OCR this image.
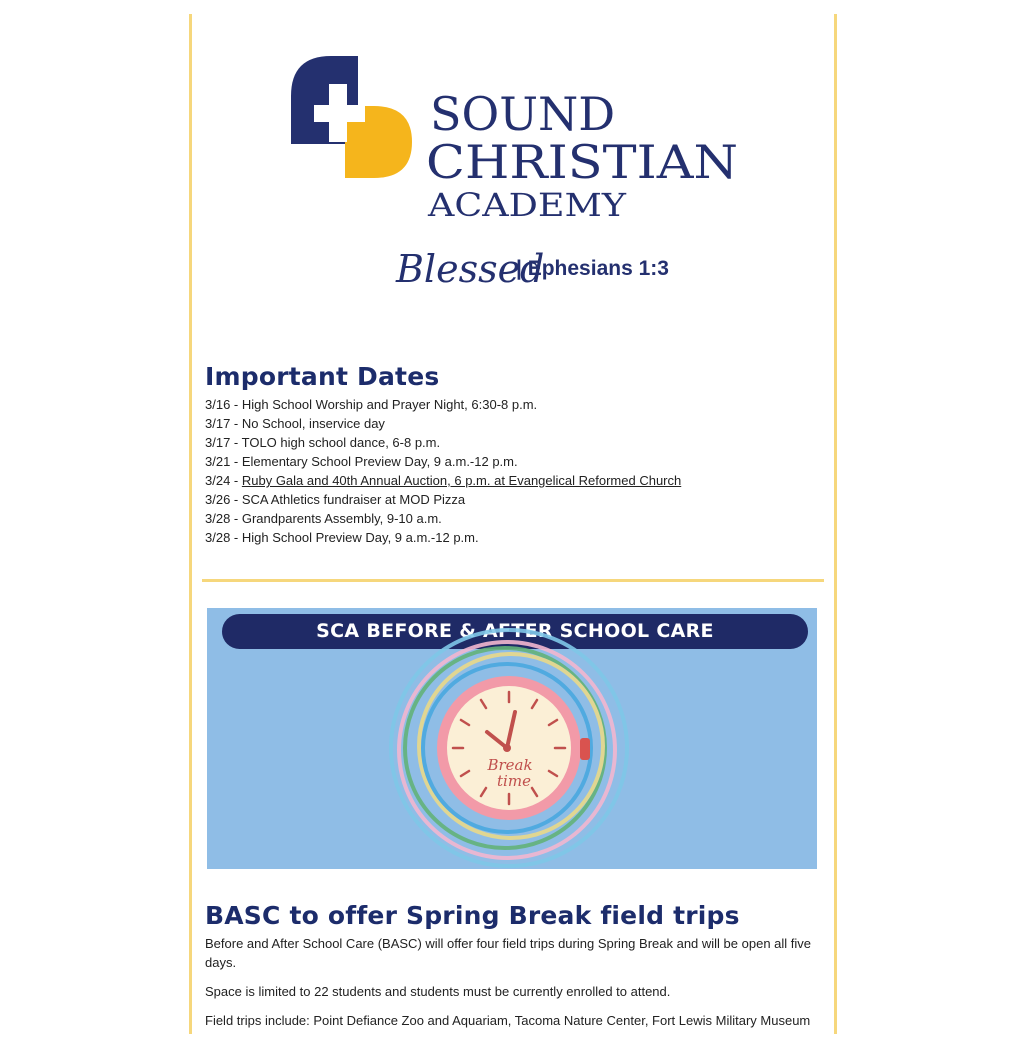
SOUND
CHRISTIAN
ACADEMY
Blessed
| Ephesians 1:3
Important Dates
3/16 - High School Worship and Prayer Night, 6:30-8 p.m.
3/17 - No School, inservice day
3/17 - TOLO high school dance, 6-8 p.m.
3/21 - Elementary School Preview Day, 9 a.m.-12 p.m.
3/24 - Ruby Gala and 40th Annual Auction, 6 p.m. at Evangelical Reformed Church
3/26 - SCA Athletics fundraiser at MOD Pizza
3/28 - Grandparents Assembly, 9-10 a.m.
3/28 - High School Preview Day, 9 a.m.-12 p.m.
SCA BEFORE & AFTER SCHOOL CARE
Break
time
BASC to offer Spring Break field trips

Before and After School Care (BASC) will offer four field trips during Spring Break and will be open all five days.

Space is limited to 22 students and students must be currently enrolled to attend.

Field trips include: Point Defiance Zoo and Aquariam, Tacoma Nature Center, Fort Lewis Military Museum
